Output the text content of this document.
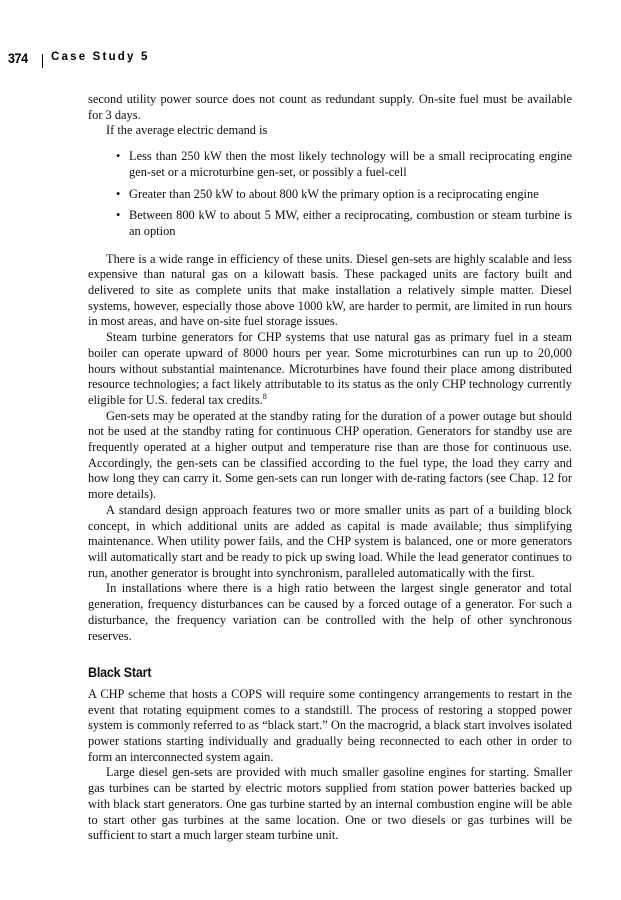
374 Case Study 5

second utility power source does not count as redundant supply. On-site fuel must be available for 3 days.

If the average electric demand is

• Less than 250 kW then the most likely technology will be a small reciprocating engine gen-set or a microturbine gen-set, or possibly a fuel-cell
• Greater than 250 kW to about 800 kW the primary option is a reciprocating engine
• Between 800 kW to about 5 MW, either a reciprocating, combustion or steam turbine is an option

There is a wide range in efficiency of these units. Diesel gen-sets are highly scalable and less expensive than natural gas on a kilowatt basis. These packaged units are factory built and delivered to site as complete units that make installation a relatively simple matter. Diesel systems, however, especially those above 1000 kW, are harder to permit, are limited in run hours in most areas, and have on-site fuel storage issues.

Steam turbine generators for CHP systems that use natural gas as primary fuel in a steam boiler can operate upward of 8000 hours per year. Some microturbines can run up to 20,000 hours without substantial maintenance. Microturbines have found their place among distributed resource technologies; a fact likely attributable to its status as the only CHP technology currently eligible for U.S. federal tax credits.$^8$

Gen-sets may be operated at the standby rating for the duration of a power outage but should not be used at the standby rating for continuous CHP operation. Generators for standby use are frequently operated at a higher output and temperature rise than are those for continuous use. Accordingly, the gen-sets can be classified according to the fuel type, the load they carry and how long they can carry it. Some gen-sets can run longer with de-rating factors (see Chap. 12 for more details).

A standard design approach features two or more smaller units as part of a building block concept, in which additional units are added as capital is made available; thus simplifying maintenance. When utility power fails, and the CHP system is balanced, one or more generators will automatically start and be ready to pick up swing load. While the lead generator continues to run, another generator is brought into synchronism, paralleled automatically with the first.

In installations where there is a high ratio between the largest single generator and total generation, frequency disturbances can be caused by a forced outage of a generator. For such a disturbance, the frequency variation can be controlled with the help of other synchronous reserves.

Black Start

A CHP scheme that hosts a COPS will require some contingency arrangements to restart in the event that rotating equipment comes to a standstill. The process of restoring a stopped power system is commonly referred to as “black start.” On the macrogrid, a black start involves isolated power stations starting individually and gradually being reconnected to each other in order to form an interconnected system again.

Large diesel gen-sets are provided with much smaller gasoline engines for starting. Smaller gas turbines can be started by electric motors supplied from station power batteries backed up with black start generators. One gas turbine started by an internal combustion engine will be able to start other gas turbines at the same location. One or two diesels or gas turbines will be sufficient to start a much larger steam turbine unit.
